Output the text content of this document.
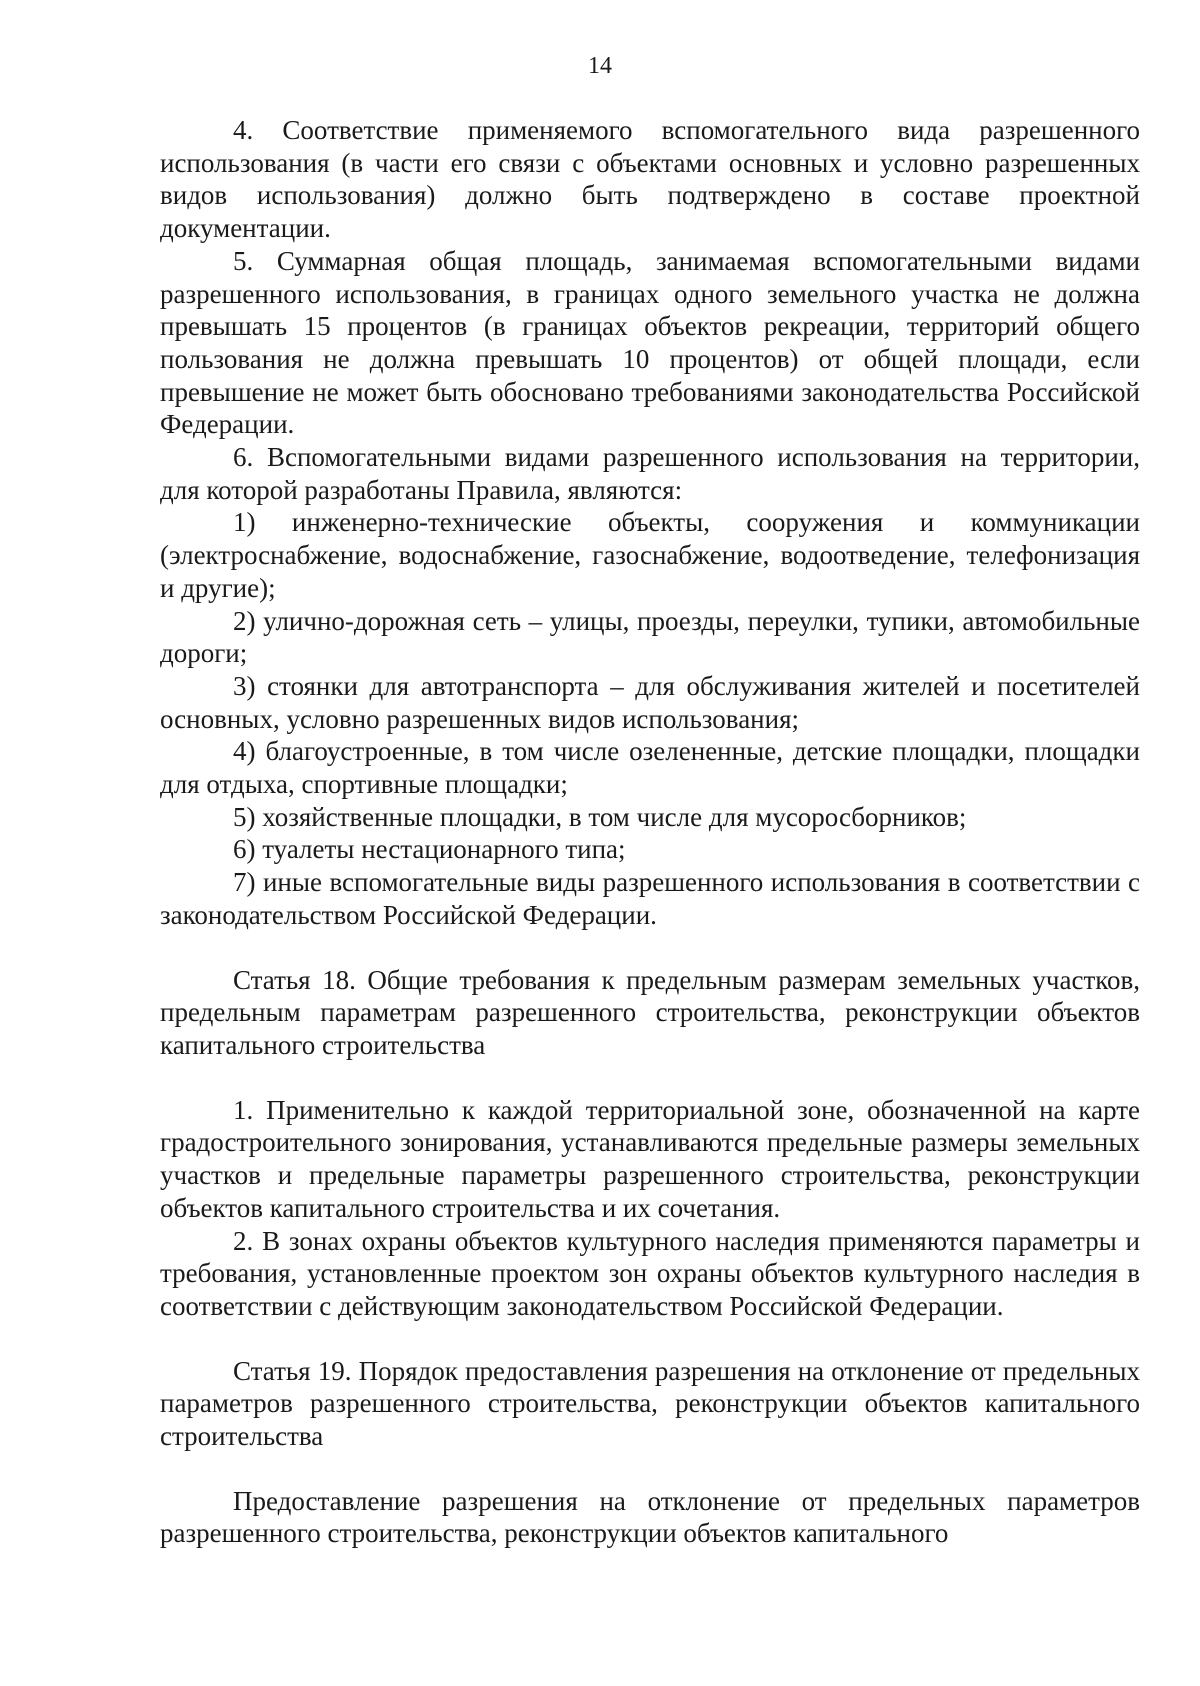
14

4. Соответствие применяемого вспомогательного вида разрешенного использования (в части его связи с объектами основных и условно разрешенных видов использования) должно быть подтверждено в составе проектной документации.

5. Суммарная общая площадь, занимаемая вспомогательными видами разрешенного использования, в границах одного земельного участка не должна превышать 15 процентов (в границах объектов рекреации, территорий общего пользования не должна превышать 10 процентов) от общей площади, если превышение не может быть обосновано требованиями законодательства Российской Федерации.

6. Вспомогательными видами разрешенного использования на территории, для которой разработаны Правила, являются:

1) инженерно-технические объекты, сооружения и коммуникации (электроснабжение, водоснабжение, газоснабжение, водоотведение, телефонизация и другие);

2) улично-дорожная сеть – улицы, проезды, переулки, тупики, автомобильные дороги;

3) стоянки для автотранспорта – для обслуживания жителей и посетителей основных, условно разрешенных видов использования;

4) благоустроенные, в том числе озелененные, детские площадки, площадки для отдыха, спортивные площадки;

5) хозяйственные площадки, в том числе для мусоросборников;

6) туалеты нестационарного типа;

7) иные вспомогательные виды разрешенного использования в соответствии с законодательством Российской Федерации.

Статья 18. Общие требования к предельным размерам земельных участков, предельным параметрам разрешенного строительства, реконструкции объектов капитального строительства

1. Применительно к каждой территориальной зоне, обозначенной на карте градостроительного зонирования, устанавливаются предельные размеры земельных участков и предельные параметры разрешенного строительства, реконструкции объектов капитального строительства и их сочетания.

2. В зонах охраны объектов культурного наследия применяются параметры и требования, установленные проектом зон охраны объектов культурного наследия в соответствии с действующим законодательством Российской Федерации.

Статья 19. Порядок предоставления разрешения на отклонение от предельных параметров разрешенного строительства, реконструкции объектов капитального строительства

Предоставление разрешения на отклонение от предельных параметров разрешенного строительства, реконструкции объектов капитального
